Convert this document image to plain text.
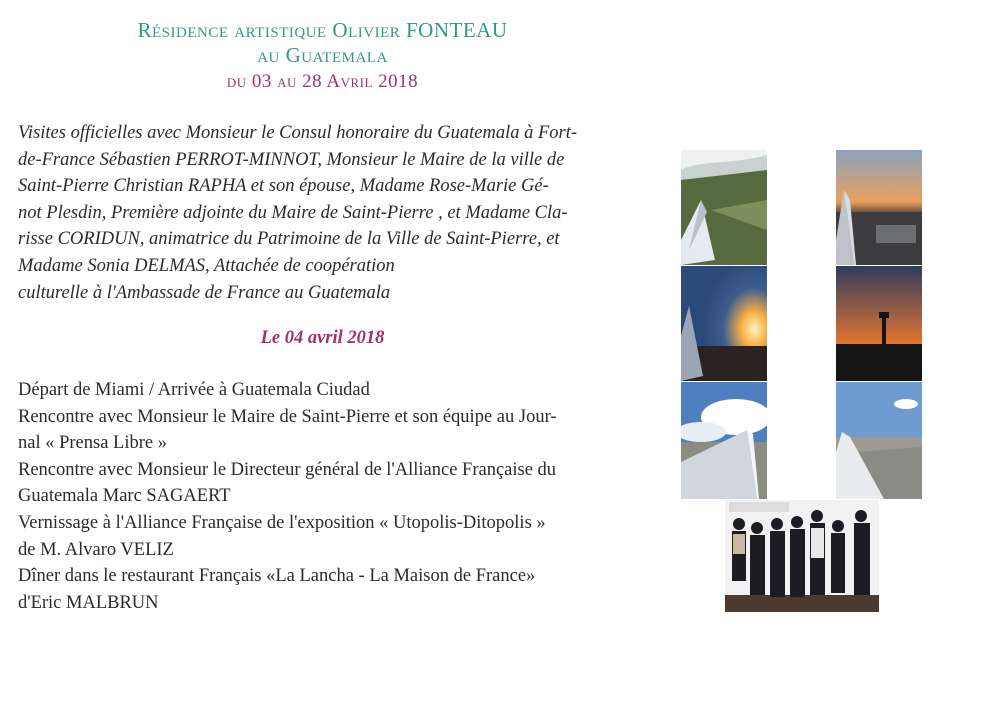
Résidence artistique Olivier FONTEAU
au Guatemala
du 03 au 28 Avril 2018

Visites officielles avec Monsieur le Consul honoraire du Guatemala à Fort-
de-France Sébastien PERROT-MINNOT, Monsieur le Maire de la ville de
Saint-Pierre Christian RAPHA et son épouse, Madame Rose-Marie Gé-
not Plesdin, Première adjointe du Maire de Saint-Pierre , et Madame Cla-
risse CORIDUN, animatrice du Patrimoine de la Ville de Saint-Pierre, et
Madame Sonia DELMAS, Attachée de coopération
culturelle à l'Ambassade de France au Guatemala

Le 04 avril 2018
Départ de Miami / Arrivée à Guatemala Ciudad
Rencontre avec Monsieur le Maire de Saint-Pierre et son équipe au Jour-
nal « Prensa Libre »
Rencontre avec Monsieur le Directeur général de l'Alliance Française du
Guatemala Marc SAGAERT
Vernissage à l'Alliance Française de l'exposition « Utopolis-Ditopolis »
de M. Alvaro VELIZ
Dîner dans le restaurant Français «La Lancha - La Maison de France»
d'Eric MALBRUN
